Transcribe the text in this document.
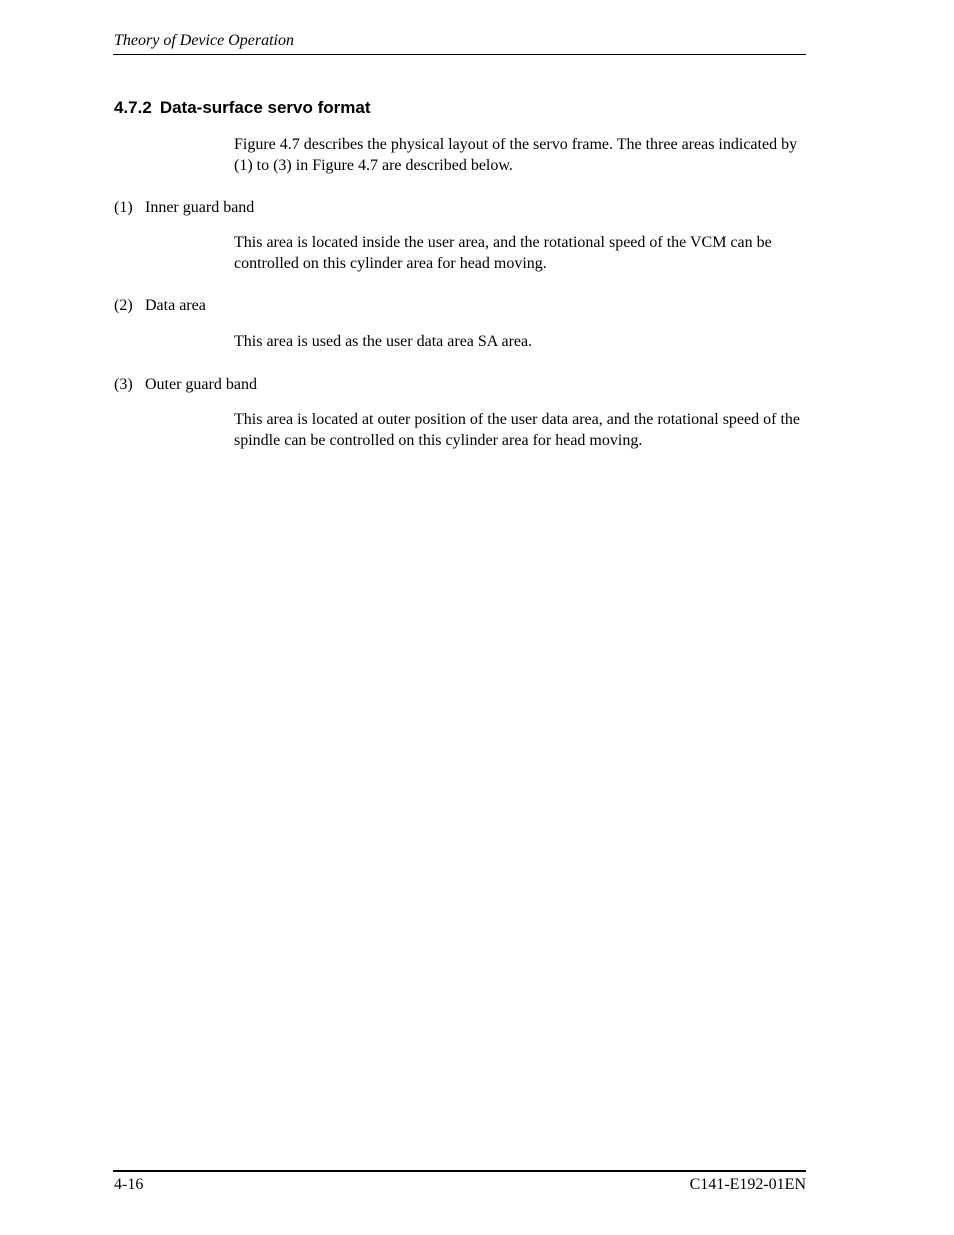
Theory of Device Operation
4.7.2 Data-surface servo format
Figure 4.7 describes the physical layout of the servo frame. The three areas indicated by (1) to (3) in Figure 4.7 are described below.
(1) Inner guard band
This area is located inside the user area, and the rotational speed of the VCM can be controlled on this cylinder area for head moving.
(2) Data area
This area is used as the user data area SA area.
(3) Outer guard band
This area is located at outer position of the user data area, and the rotational speed of the spindle can be controlled on this cylinder area for head moving.
4-16	C141-E192-01EN
